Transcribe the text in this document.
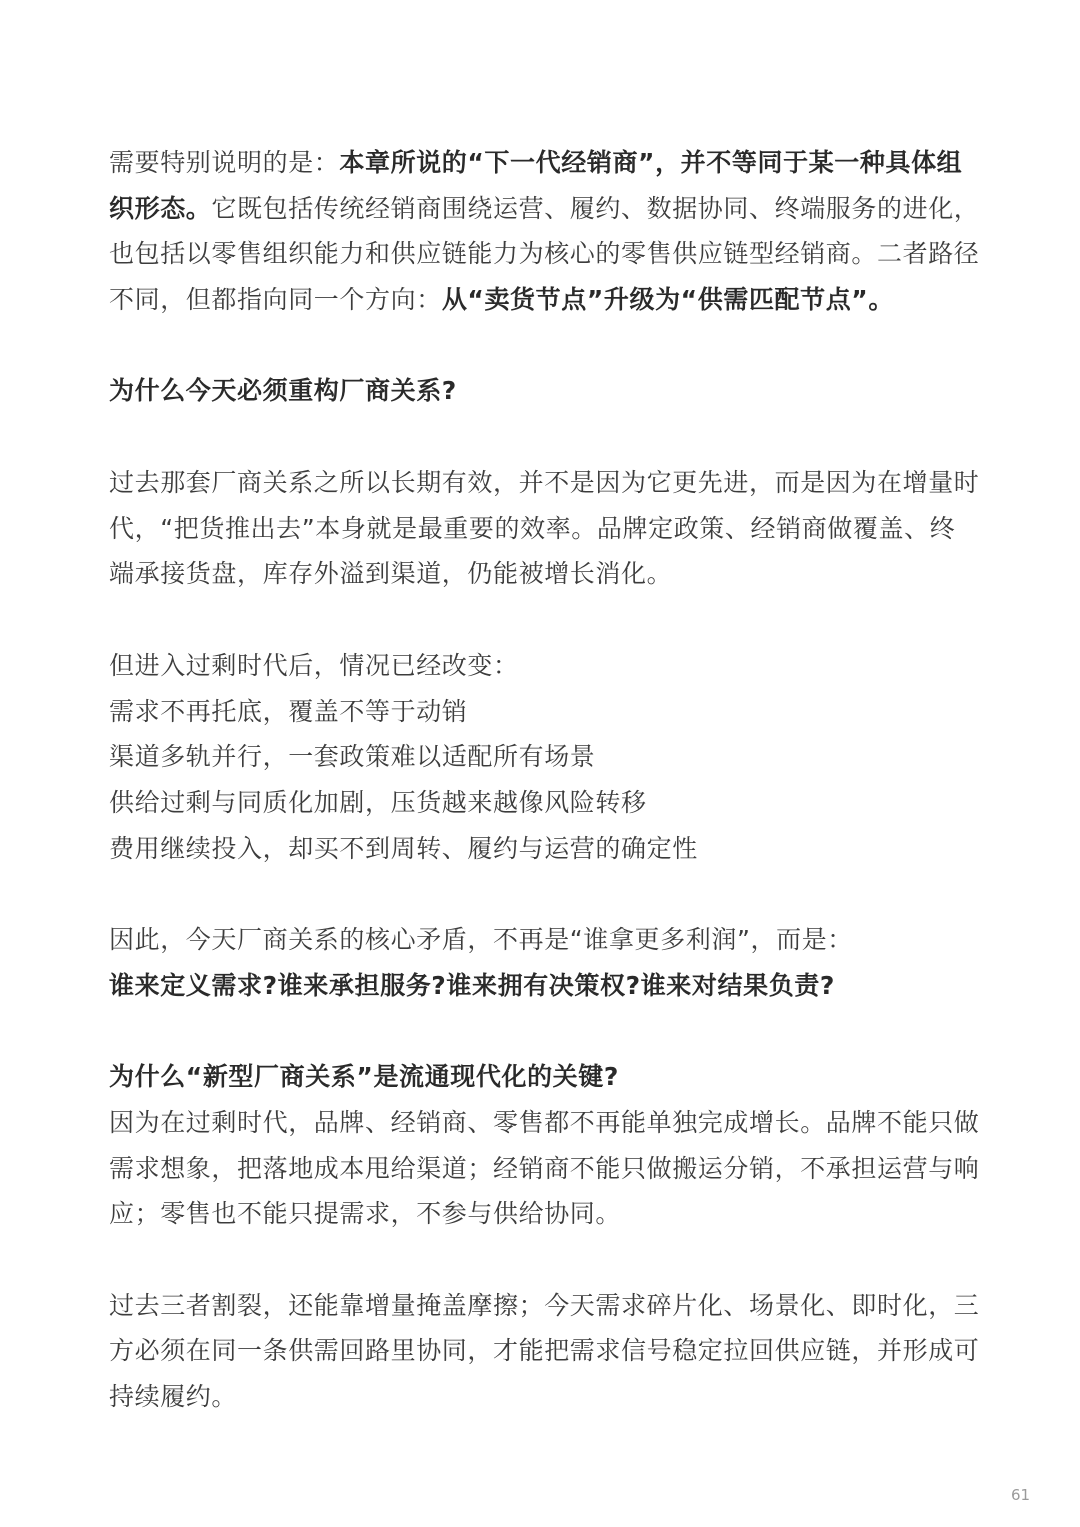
需要特别说明的是：本章所说的“下一代经销商”，并不等同于某一种具体组
织形态。它既包括传统经销商围绕运营、履约、数据协同、终端服务的进化，
也包括以零售组织能力和供应链能力为核心的零售供应链型经销商。二者路径
不同，但都指向同一个方向：从“卖货节点”升级为“供需匹配节点”。
为什么今天必须重构厂商关系?
过去那套厂商关系之所以长期有效，并不是因为它更先进，而是因为在增量时
代，“把货推出去”本身就是最重要的效率。品牌定政策、经销商做覆盖、终
端承接货盘，库存外溢到渠道，仍能被增长消化。
但进入过剩时代后，情况已经改变：
需求不再托底，覆盖不等于动销
渠道多轨并行，一套政策难以适配所有场景
供给过剩与同质化加剧，压货越来越像风险转移
费用继续投入，却买不到周转、履约与运营的确定性
因此，今天厂商关系的核心矛盾，不再是“谁拿更多利润”，而是：
谁来定义需求?谁来承担服务?谁来拥有决策权?谁来对结果负责?
为什么“新型厂商关系”是流通现代化的关键?
因为在过剩时代，品牌、经销商、零售都不再能单独完成增长。品牌不能只做
需求想象，把落地成本甩给渠道；经销商不能只做搬运分销，不承担运营与响
应；零售也不能只提需求，不参与供给协同。
过去三者割裂，还能靠增量掩盖摩擦；今天需求碎片化、场景化、即时化，三
方必须在同一条供需回路里协同，才能把需求信号稳定拉回供应链，并形成可
持续履约。
61
